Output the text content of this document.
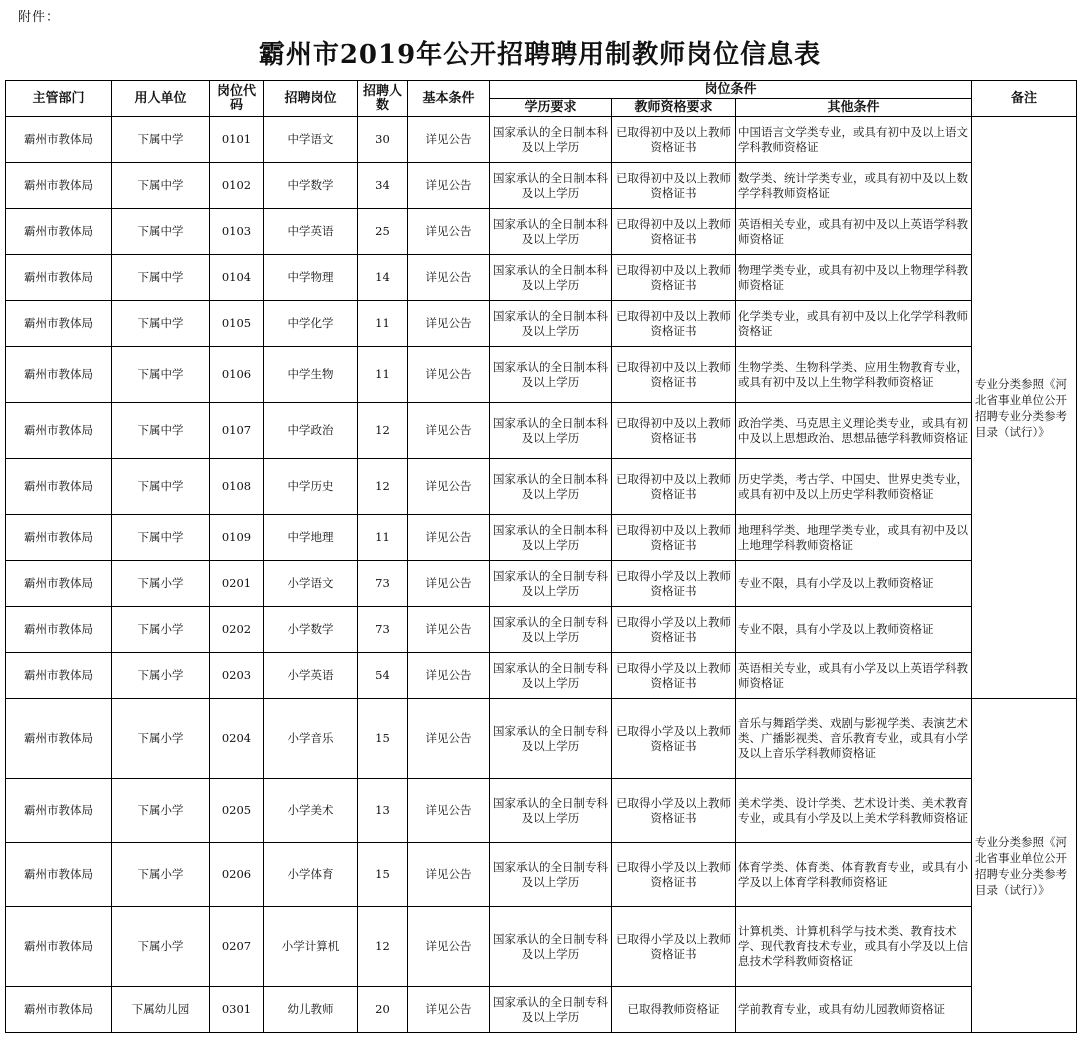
附件：
霸州市2019年公开招聘聘用制教师岗位信息表
主管部门	用人单位	岗位代码	招聘岗位	招聘人数	基本条件	岗位条件			备注
						学历要求	教师资格要求	其他条件	
霸州市教体局	下属中学	0101	中学语文	30	详见公告	国家承认的全日制本科及以上学历	已取得初中及以上教师资格证书	中国语言文学类专业，或具有初中及以上语文学科教师资格证	专业分类参照《河北省事业单位公开招聘专业分类参考目录（试行）》
霸州市教体局	下属中学	0102	中学数学	34	详见公告	国家承认的全日制本科及以上学历	已取得初中及以上教师资格证书	数学类、统计学类专业，或具有初中及以上数学学科教师资格证	
霸州市教体局	下属中学	0103	中学英语	25	详见公告	国家承认的全日制本科及以上学历	已取得初中及以上教师资格证书	英语相关专业，或具有初中及以上英语学科教师资格证	
霸州市教体局	下属中学	0104	中学物理	14	详见公告	国家承认的全日制本科及以上学历	已取得初中及以上教师资格证书	物理学类专业，或具有初中及以上物理学科教师资格证	
霸州市教体局	下属中学	0105	中学化学	11	详见公告	国家承认的全日制本科及以上学历	已取得初中及以上教师资格证书	化学类专业，或具有初中及以上化学学科教师资格证	
霸州市教体局	下属中学	0106	中学生物	11	详见公告	国家承认的全日制本科及以上学历	已取得初中及以上教师资格证书	生物学类、生物科学类、应用生物教育专业，或具有初中及以上生物学科教师资格证	
霸州市教体局	下属中学	0107	中学政治	12	详见公告	国家承认的全日制本科及以上学历	已取得初中及以上教师资格证书	政治学类、马克思主义理论类专业，或具有初中及以上思想政治、思想品德学科教师资格证	
霸州市教体局	下属中学	0108	中学历史	12	详见公告	国家承认的全日制本科及以上学历	已取得初中及以上教师资格证书	历史学类，考古学、中国史、世界史类专业，或具有初中及以上历史学科教师资格证	
霸州市教体局	下属中学	0109	中学地理	11	详见公告	国家承认的全日制本科及以上学历	已取得初中及以上教师资格证书	地理科学类、地理学类专业，或具有初中及以上地理学科教师资格证	
霸州市教体局	下属小学	0201	小学语文	73	详见公告	国家承认的全日制专科及以上学历	已取得小学及以上教师资格证书	专业不限，具有小学及以上教师资格证	
霸州市教体局	下属小学	0202	小学数学	73	详见公告	国家承认的全日制专科及以上学历	已取得小学及以上教师资格证书	专业不限，具有小学及以上教师资格证	
霸州市教体局	下属小学	0203	小学英语	54	详见公告	国家承认的全日制专科及以上学历	已取得小学及以上教师资格证书	英语相关专业，或具有小学及以上英语学科教师资格证	
霸州市教体局	下属小学	0204	小学音乐	15	详见公告	国家承认的全日制专科及以上学历	已取得小学及以上教师资格证书	音乐与舞蹈学类、戏剧与影视学类、表演艺术类、广播影视类、音乐教育专业，或具有小学及以上音乐学科教师资格证	专业分类参照《河北省事业单位公开招聘专业分类参考目录（试行）》
霸州市教体局	下属小学	0205	小学美术	13	详见公告	国家承认的全日制专科及以上学历	已取得小学及以上教师资格证书	美术学类、设计学类、艺术设计类、美术教育专业，或具有小学及以上美术学科教师资格证	
霸州市教体局	下属小学	0206	小学体育	15	详见公告	国家承认的全日制专科及以上学历	已取得小学及以上教师资格证书	体育学类、体育类、体育教育专业，或具有小学及以上体育学科教师资格证	
霸州市教体局	下属小学	0207	小学计算机	12	详见公告	国家承认的全日制专科及以上学历	已取得小学及以上教师资格证书	计算机类、计算机科学与技术类、教育技术学、现代教育技术专业，或具有小学及以上信息技术学科教师资格证	
霸州市教体局	下属幼儿园	0301	幼儿教师	20	详见公告	国家承认的全日制专科及以上学历	已取得教师资格证	学前教育专业，或具有幼儿园教师资格证	
